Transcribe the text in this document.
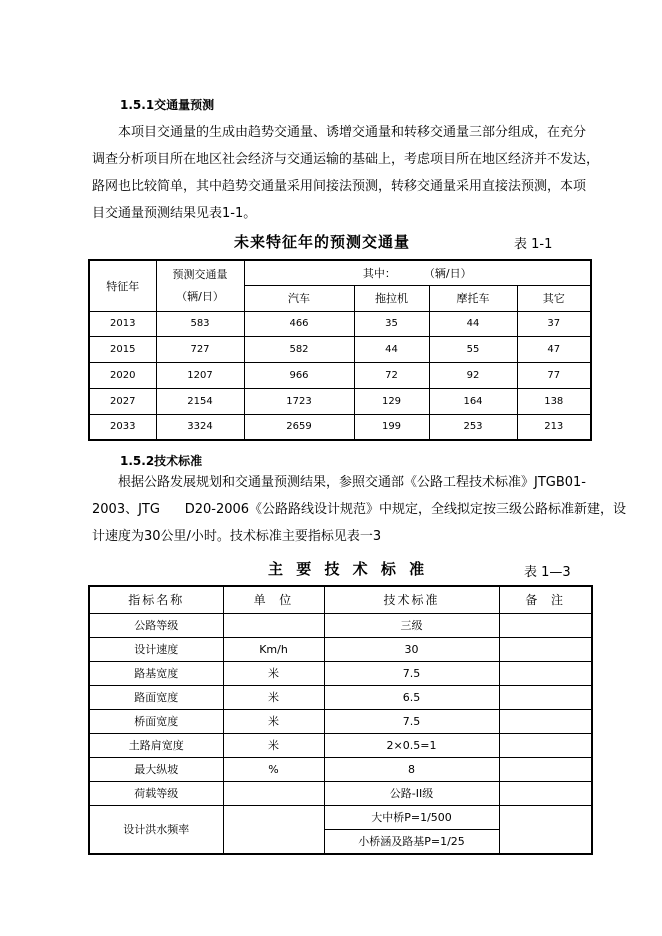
1.5.1交通量预测
本项目交通量的生成由趋势交通量、诱增交通量和转移交通量三部分组成，在充分
调查分析项目所在地区社会经济与交通运输的基础上，考虑项目所在地区经济并不发达，
路网也比较简单，其中趋势交通量采用间接法预测，转移交通量采用直接法预测，本项
目交通量预测结果见表1-1。
未来特征年的预测交通量	表 1-1
特征年	预测交通量
（辆/日）	其中：        （辆/日）			
		汽车	拖拉机	摩托车	其它
2013	583	466	35	44	37
2015	727	582	44	55	47
2020	1207	966	72	92	77
2027	2154	1723	129	164	138
2033	3324	2659	199	253	213
1.5.2技术标准
根据公路发展规划和交通量预测结果，参照交通部《公路工程技术标准》JTGB01-
2003、JTG      D20-2006《公路路线设计规范》中规定，全线拟定按三级公路标准新建，设
计速度为30公里/小时。技术标准主要指标见表一3
主 要 技 术 标 准	表 1—3
指标名称	单  位	技术标准	备  注
公路等级		三级	
设计速度	Km/h	30	
路基宽度	米	7.5	
路面宽度	米	6.5	
桥面宽度	米	7.5	
土路肩宽度	米	2×0.5=1	
最大纵坡	%	8	
荷载等级		公路-II级	
设计洪水频率		大中桥P=1/500	
		小桥涵及路基P=1/25	
